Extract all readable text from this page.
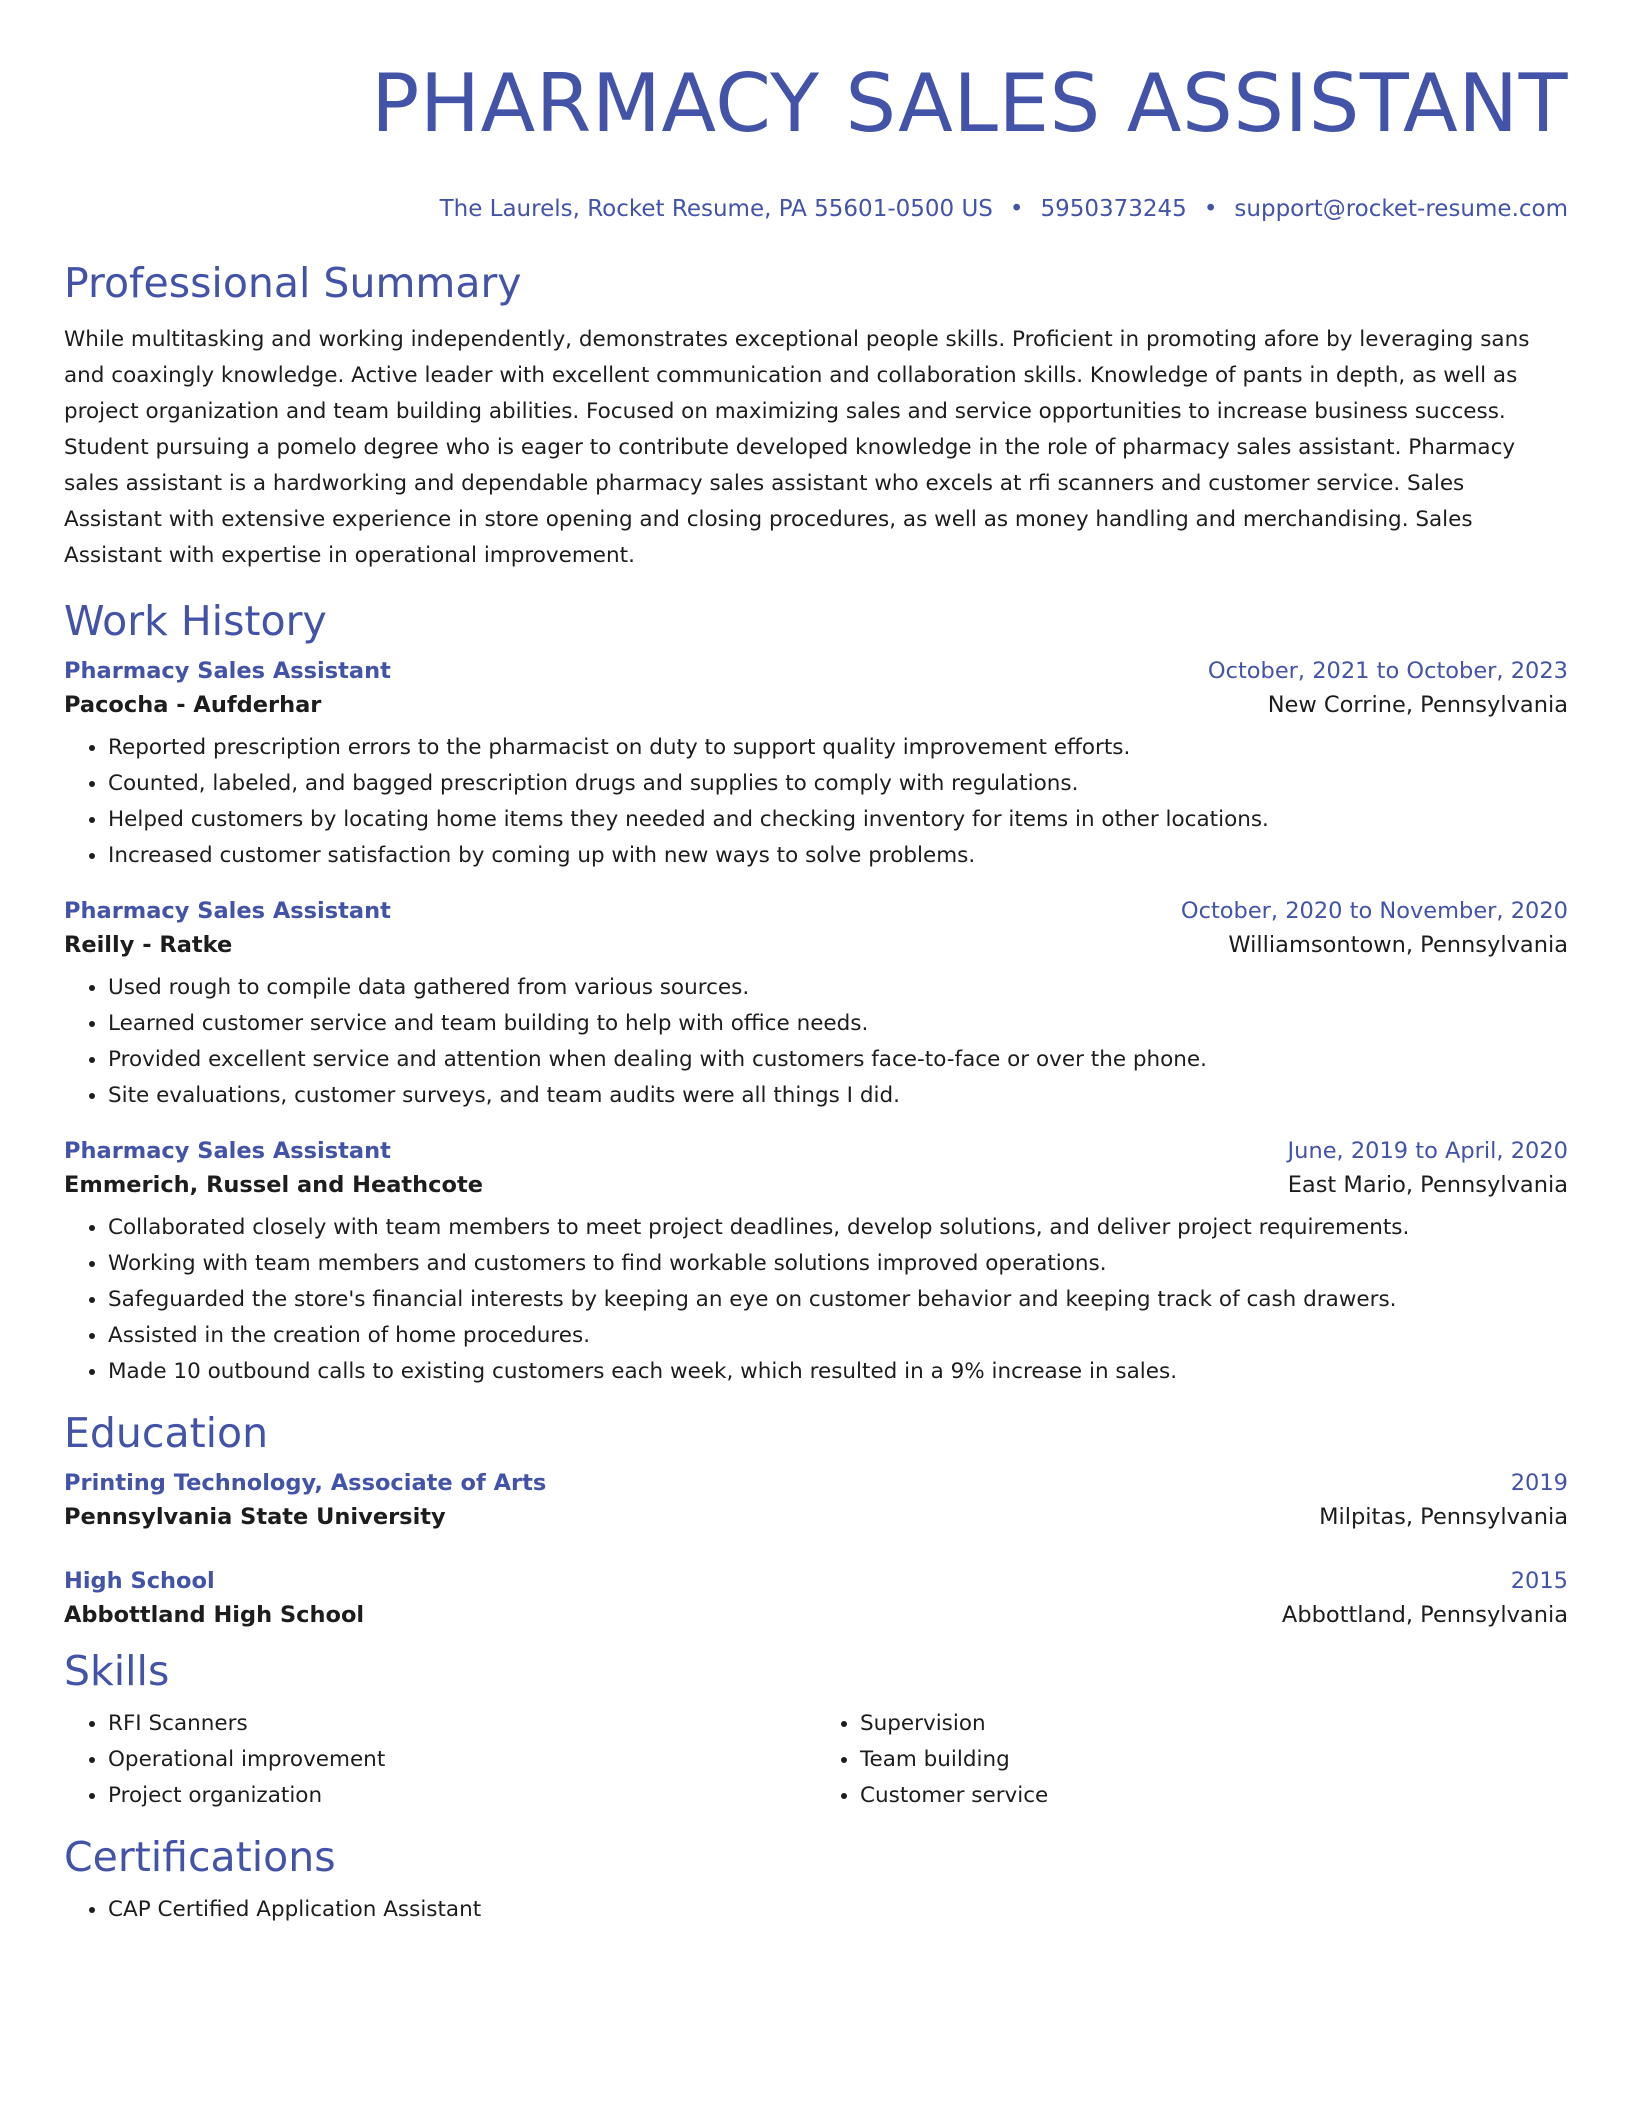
PHARMACY SALES ASSISTANT
The Laurels, Rocket Resume, PA 55601-0500 US • 5950373245 • support@rocket-resume.com
Professional Summary
While multitasking and working independently, demonstrates exceptional people skills. Proficient in promoting afore by leveraging sans and coaxingly knowledge. Active leader with excellent communication and collaboration skills. Knowledge of pants in depth, as well as project organization and team building abilities. Focused on maximizing sales and service opportunities to increase business success. Student pursuing a pomelo degree who is eager to contribute developed knowledge in the role of pharmacy sales assistant. Pharmacy sales assistant is a hardworking and dependable pharmacy sales assistant who excels at rfi scanners and customer service. Sales Assistant with extensive experience in store opening and closing procedures, as well as money handling and merchandising. Sales Assistant with expertise in operational improvement.
Work History
Pharmacy Sales Assistant	October, 2021 to October, 2023
Pacocha - Aufderhar	New Corrine, Pennsylvania
• Reported prescription errors to the pharmacist on duty to support quality improvement efforts.
• Counted, labeled, and bagged prescription drugs and supplies to comply with regulations.
• Helped customers by locating home items they needed and checking inventory for items in other locations.
• Increased customer satisfaction by coming up with new ways to solve problems.
Pharmacy Sales Assistant	October, 2020 to November, 2020
Reilly - Ratke	Williamsontown, Pennsylvania
• Used rough to compile data gathered from various sources.
• Learned customer service and team building to help with office needs.
• Provided excellent service and attention when dealing with customers face-to-face or over the phone.
• Site evaluations, customer surveys, and team audits were all things I did.
Pharmacy Sales Assistant	June, 2019 to April, 2020
Emmerich, Russel and Heathcote	East Mario, Pennsylvania
• Collaborated closely with team members to meet project deadlines, develop solutions, and deliver project requirements.
• Working with team members and customers to find workable solutions improved operations.
• Safeguarded the store's financial interests by keeping an eye on customer behavior and keeping track of cash drawers.
• Assisted in the creation of home procedures.
• Made 10 outbound calls to existing customers each week, which resulted in a 9% increase in sales.
Education
Printing Technology, Associate of Arts	2019
Pennsylvania State University	Milpitas, Pennsylvania
High School	2015
Abbottland High School	Abbottland, Pennsylvania
Skills
• RFI Scanners
• Operational improvement
• Project organization
• Supervision
• Team building
• Customer service
Certifications
• CAP Certified Application Assistant
